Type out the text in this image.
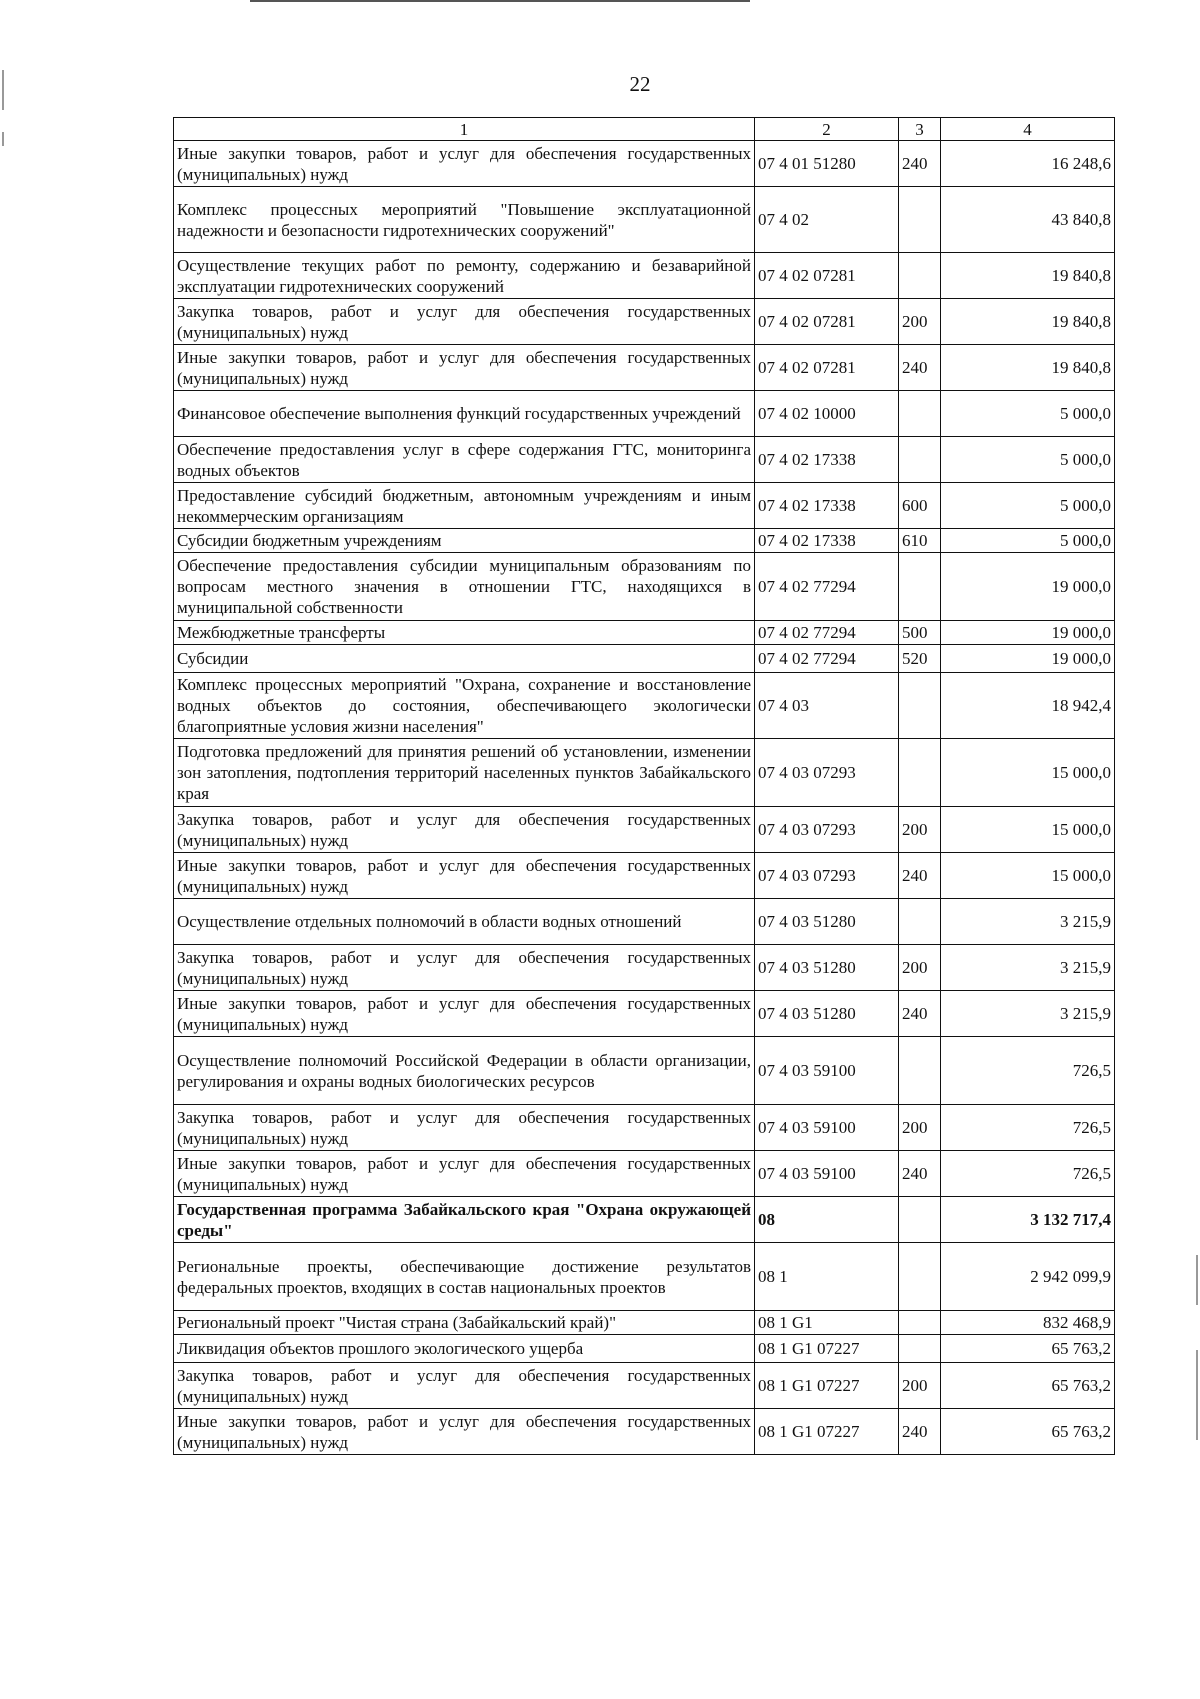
22
1	2	3	4
Иные закупки товаров, работ и услуг для обеспечения государственных (муниципальных) нужд	07 4 01 51280	240	16 248,6
Комплекс процессных мероприятий "Повышение эксплуатационной надежности и безопасности гидротехнических сооружений"	07 4 02		43 840,8
Осуществление текущих работ по ремонту, содержанию и безаварийной эксплуатации гидротехнических сооружений	07 4 02 07281		19 840,8
Закупка товаров, работ и услуг для обеспечения государственных (муниципальных) нужд	07 4 02 07281	200	19 840,8
Иные закупки товаров, работ и услуг для обеспечения государственных (муниципальных) нужд	07 4 02 07281	240	19 840,8
Финансовое обеспечение выполнения функций государственных учреждений	07 4 02 10000		5 000,0
Обеспечение предоставления услуг в сфере содержания ГТС, мониторинга водных объектов	07 4 02 17338		5 000,0
Предоставление субсидий бюджетным, автономным учреждениям и иным некоммерческим организациям	07 4 02 17338	600	5 000,0
Субсидии бюджетным учреждениям	07 4 02 17338	610	5 000,0
Обеспечение предоставления субсидии муниципальным образованиям по вопросам местного значения в отношении ГТС, находящихся в муниципальной собственности	07 4 02 77294		19 000,0
Межбюджетные трансферты	07 4 02 77294	500	19 000,0
Субсидии	07 4 02 77294	520	19 000,0
Комплекс процессных мероприятий "Охрана, сохранение и восстановление водных объектов до состояния, обеспечивающего экологически благоприятные условия жизни населения"	07 4 03		18 942,4
Подготовка предложений для принятия решений об установлении, изменении зон затопления, подтопления территорий населенных пунктов Забайкальского края	07 4 03 07293		15 000,0
Закупка товаров, работ и услуг для обеспечения государственных (муниципальных) нужд	07 4 03 07293	200	15 000,0
Иные закупки товаров, работ и услуг для обеспечения государственных (муниципальных) нужд	07 4 03 07293	240	15 000,0
Осуществление отдельных полномочий в области водных отношений	07 4 03 51280		3 215,9
Закупка товаров, работ и услуг для обеспечения государственных (муниципальных) нужд	07 4 03 51280	200	3 215,9
Иные закупки товаров, работ и услуг для обеспечения государственных (муниципальных) нужд	07 4 03 51280	240	3 215,9
Осуществление полномочий Российской Федерации в области организации, регулирования и охраны водных биологических ресурсов	07 4 03 59100		726,5
Закупка товаров, работ и услуг для обеспечения государственных (муниципальных) нужд	07 4 03 59100	200	726,5
Иные закупки товаров, работ и услуг для обеспечения государственных (муниципальных) нужд	07 4 03 59100	240	726,5
Государственная программа Забайкальского края "Охрана окружающей среды"	08		3 132 717,4
Региональные проекты, обеспечивающие достижение результатов федеральных проектов, входящих в состав национальных проектов	08 1		2 942 099,9
Региональный проект "Чистая страна (Забайкальский край)"	08 1 G1		832 468,9
Ликвидация объектов прошлого экологического ущерба	08 1 G1 07227		65 763,2
Закупка товаров, работ и услуг для обеспечения государственных (муниципальных) нужд	08 1 G1 07227	200	65 763,2
Иные закупки товаров, работ и услуг для обеспечения государственных (муниципальных) нужд	08 1 G1 07227	240	65 763,2
